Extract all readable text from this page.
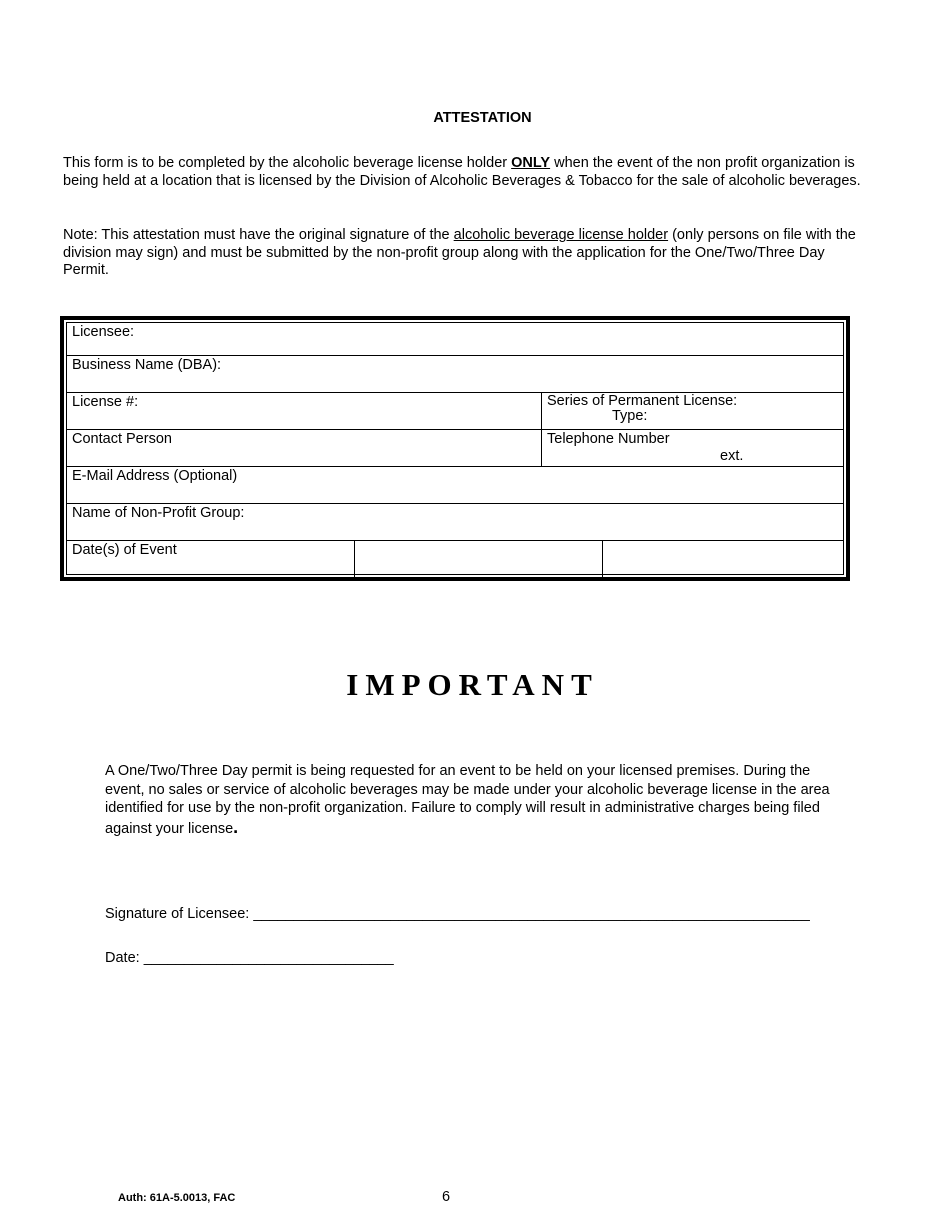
ATTESTATION
This form is to be completed by the alcoholic beverage license holder ONLY when the event of the non profit organization is being held at a location that is licensed by the Division of Alcoholic Beverages & Tobacco for the sale of alcoholic beverages.
Note: This attestation must have the original signature of the alcoholic beverage license holder (only persons on file with the division may sign) and must be submitted by the non-profit group along with the application for the One/Two/Three Day Permit.
Licensee:
Business Name (DBA):
License #:	Series of Permanent License:
Type:
Contact Person	Telephone Number
ext.
E-Mail Address (Optional)
Name of Non-Profit Group:
Date(s) of Event
IMPORTANT
A One/Two/Three Day permit is being requested for an event to be held on your licensed premises. During the event, no sales or service of alcoholic beverages may be made under your alcoholic beverage license in the area identified for use by the non-profit organization. Failure to comply will result in administrative charges being filed against your license.
Signature of Licensee: _____________________________________________________________________
Date: _______________________________
Auth: 61A-5.0013, FAC	6
